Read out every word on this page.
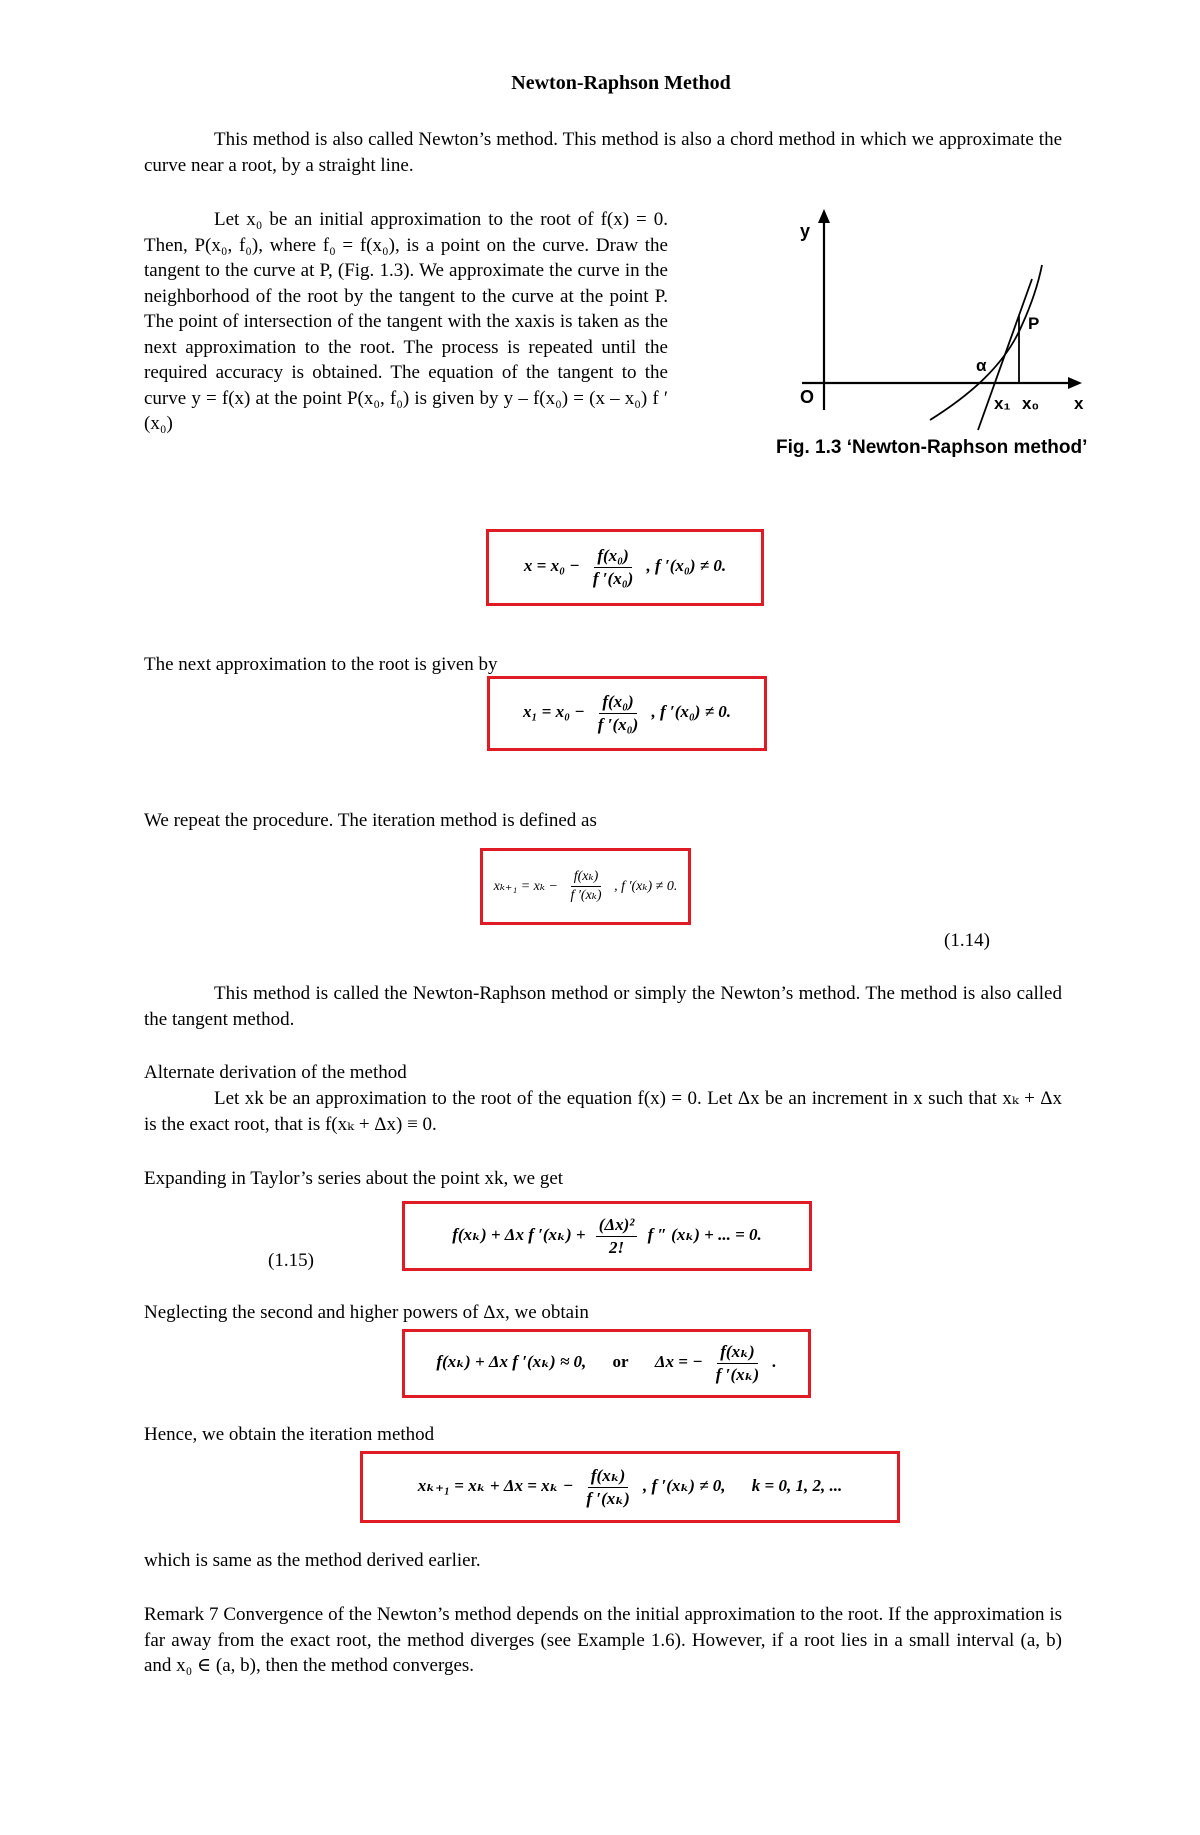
Newton-Raphson Method
This method is also called Newton’s method. This method is also a chord method in which we approximate the curve near a root, by a straight line.
Let x₀ be an initial approximation to the root of f(x) = 0. Then, P(x₀, f₀), where f₀ = f(x₀), is a point on the curve. Draw the tangent to the curve at P, (Fig. 1.3). We approximate the curve in the neighborhood of the root by the tangent to the curve at the point P. The point of intersection of the tangent with the xaxis is taken as the next approximation to the root. The process is repeated until the required accuracy is obtained. The equation of the tangent to the curve y = f(x) at the point P(x₀, f₀) is given by y – f(x₀) = (x – x₀) f ′(x₀)
y
O
P
α
x₁ x₀ x
Fig. 1.3 ‘Newton-Raphson method’
$x = x_0 - \frac{\text{f(x₀)}}{\text{f ′(x₀)}}$ , f ′(x₀) ≠ 0.
The next approximation to the root is given by
$x_1 = x_0 - \frac{\text{f(x₀)}}{\text{f ′(x₀)}}$ , f ′(x₀) ≠ 0.
We repeat the procedure. The iteration method is defined as
$x_{k+1} = x_k - \frac{\text{f(xₖ)}}{\text{f ′(xₖ)}}$ , f ′(xₖ) ≠ 0.
(1.14)
This method is called the Newton-Raphson method or simply the Newton’s method. The method is also called the tangent method.
Alternate derivation of the method
Let xk be an approximation to the root of the equation f(x) = 0. Let Δx be an increment in x such that xₖ + Δx is the exact root, that is f(xₖ + Δx) ≡ 0.
Expanding in Taylor’s series about the point xk, we get
(1.15)
f(xₖ) + Δx f $'(x_k) + \frac{\text{(Δx)²}}{2!}$ f ″ (xₖ) + ... = 0.
Neglecting the second and higher powers of Δx, we obtain
f(xₖ) + Δx f ′(xₖ) ≈ 0, or Δx = − $\frac{\text{f(xₖ)}}{\text{f ′(xₖ)}}$ .
Hence, we obtain the iteration method
$x_{k+1} = x_k + \Delta x = x_k - \frac{\text{f(xₖ)}}{\text{f ′(xₖ)}}$ , f ′(xₖ) ≠ 0, k = 0, 1, 2, ...
which is same as the method derived earlier.
Remark 7 Convergence of the Newton’s method depends on the initial approximation to the root. If the approximation is far away from the exact root, the method diverges (see Example 1.6). However, if a root lies in a small interval (a, b) and x₀ ∈ (a, b), then the method converges.
